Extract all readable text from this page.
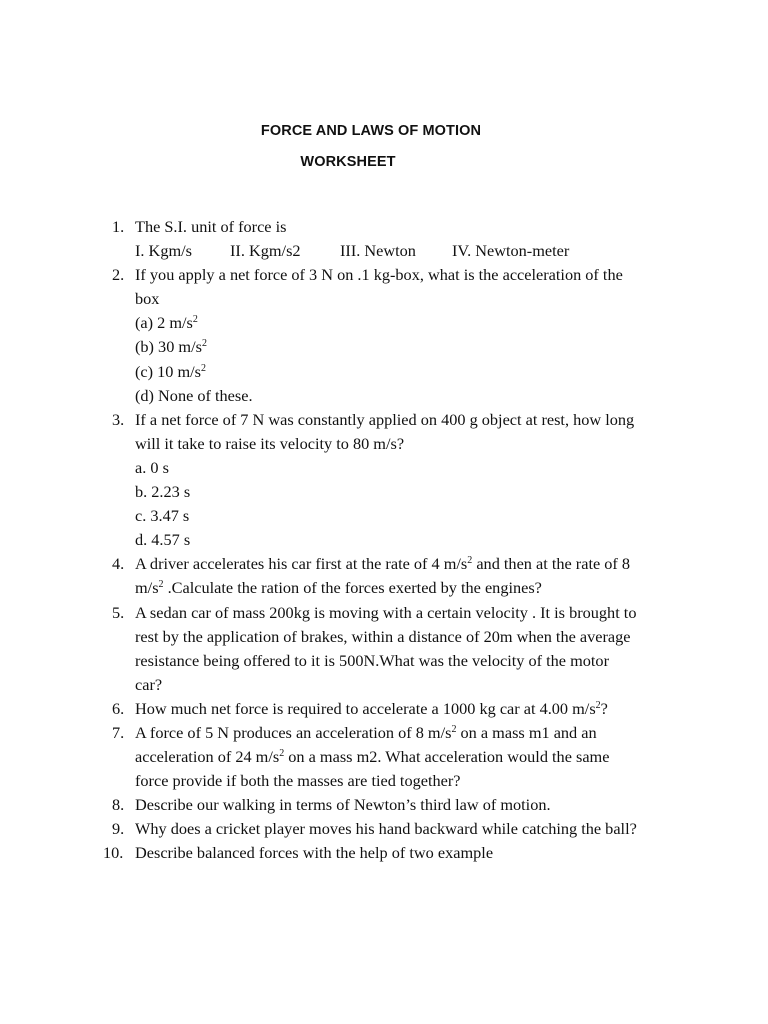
FORCE AND LAWS OF MOTION
WORKSHEET
1. The S.I. unit of force is
I. Kgm/s II. Kgm/s2 III. Newton IV. Newton-meter
2. If you apply a net force of 3 N on .1 kg-box, what is the acceleration of the
box
(a) 2 $m/s^2$
(b) 30 $m/s^2$
(c) 10 $m/s^2$
(d) None of these.
3. If a net force of 7 N was constantly applied on 400 g object at rest, how long
will it take to raise its velocity to 80 m/s?
a. 0 s
b. 2.23 s
c. 3.47 s
d. 4.57 s
4. A driver accelerates his car first at the rate of 4 $m/s^2$ and then at the rate of 8
$m/s^2$ .Calculate the ration of the forces exerted by the engines?
5. A sedan car of mass 200kg is moving with a certain velocity . It is brought to
rest by the application of brakes, within a distance of 20m when the average
resistance being offered to it is 500N.What was the velocity of the motor
car?
6. How much net force is required to accelerate a 1000 kg car at 4.00 $m/s^2$?
7. A force of 5 N produces an acceleration of 8 $m/s^2$ on a mass m1 and an
acceleration of 24 $m/s^2$ on a mass m2. What acceleration would the same
force provide if both the masses are tied together?
8. Describe our walking in terms of Newton’s third law of motion.
9. Why does a cricket player moves his hand backward while catching the ball?
10. Describe balanced forces with the help of two example
